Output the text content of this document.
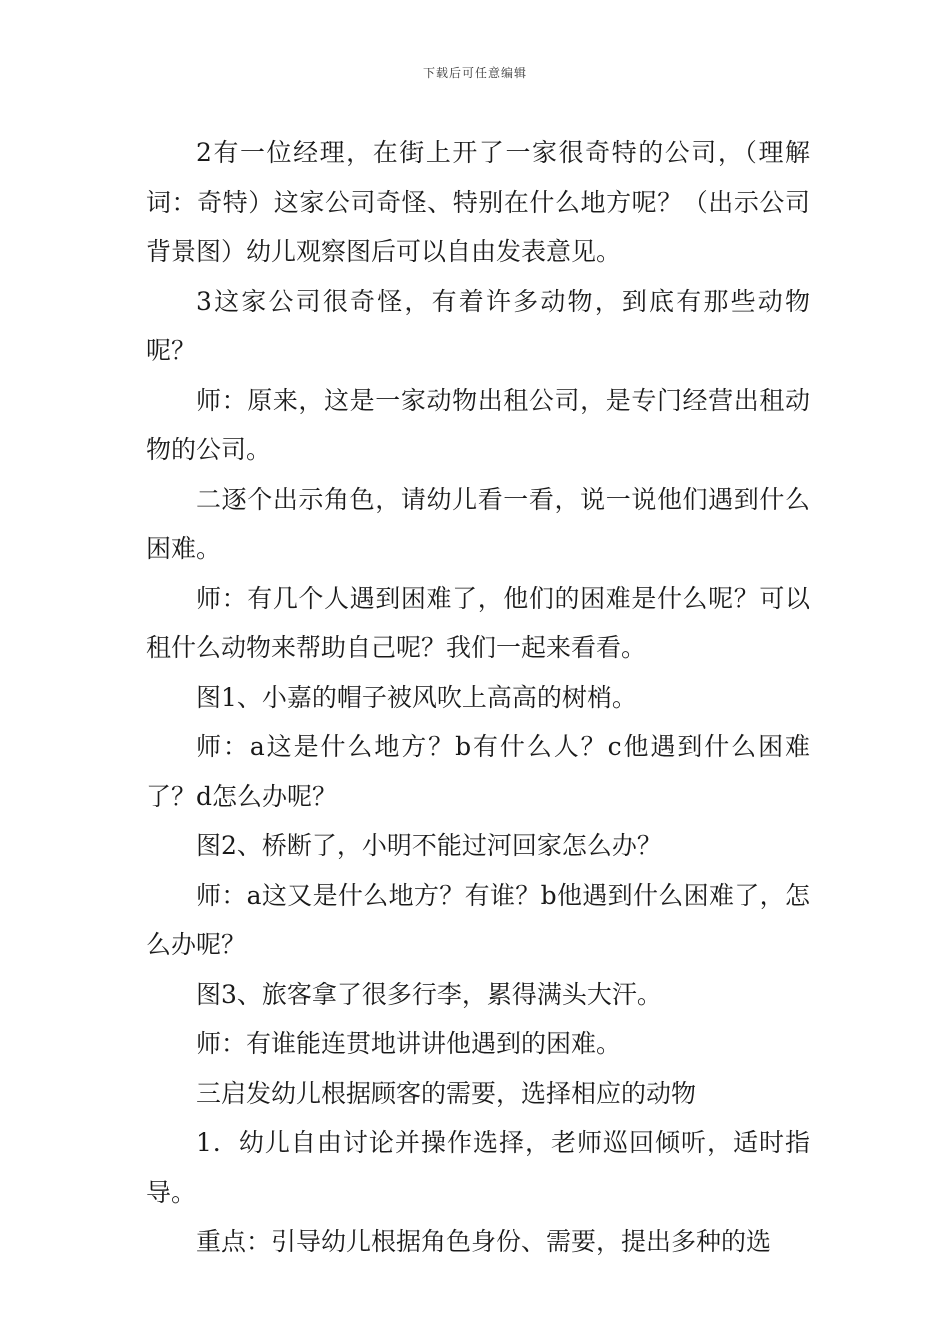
下载后可任意编辑

2有一位经理，在街上开了一家很奇特的公司，（理解词：奇特）这家公司奇怪、特别在什么地方呢？（出示公司背景图）幼儿观察图后可以自由发表意见。

3这家公司很奇怪，有着许多动物，到底有那些动物呢？

师：原来，这是一家动物出租公司，是专门经营出租动物的公司。

二逐个出示角色，请幼儿看一看，说一说他们遇到什么困难。

师：有几个人遇到困难了，他们的困难是什么呢？可以租什么动物来帮助自己呢？我们一起来看看。

图1、小嘉的帽子被风吹上高高的树梢。

师：a这是什么地方？b有什么人？c他遇到什么困难了？d怎么办呢？

图2、桥断了，小明不能过河回家怎么办？

师：a这又是什么地方？有谁？b他遇到什么困难了，怎么办呢？

图3、旅客拿了很多行李，累得满头大汗。

师：有谁能连贯地讲讲他遇到的困难。

三启发幼儿根据顾客的需要，选择相应的动物

1．幼儿自由讨论并操作选择，老师巡回倾听，适时指导。

重点：引导幼儿根据角色身份、需要，提出多种的选
